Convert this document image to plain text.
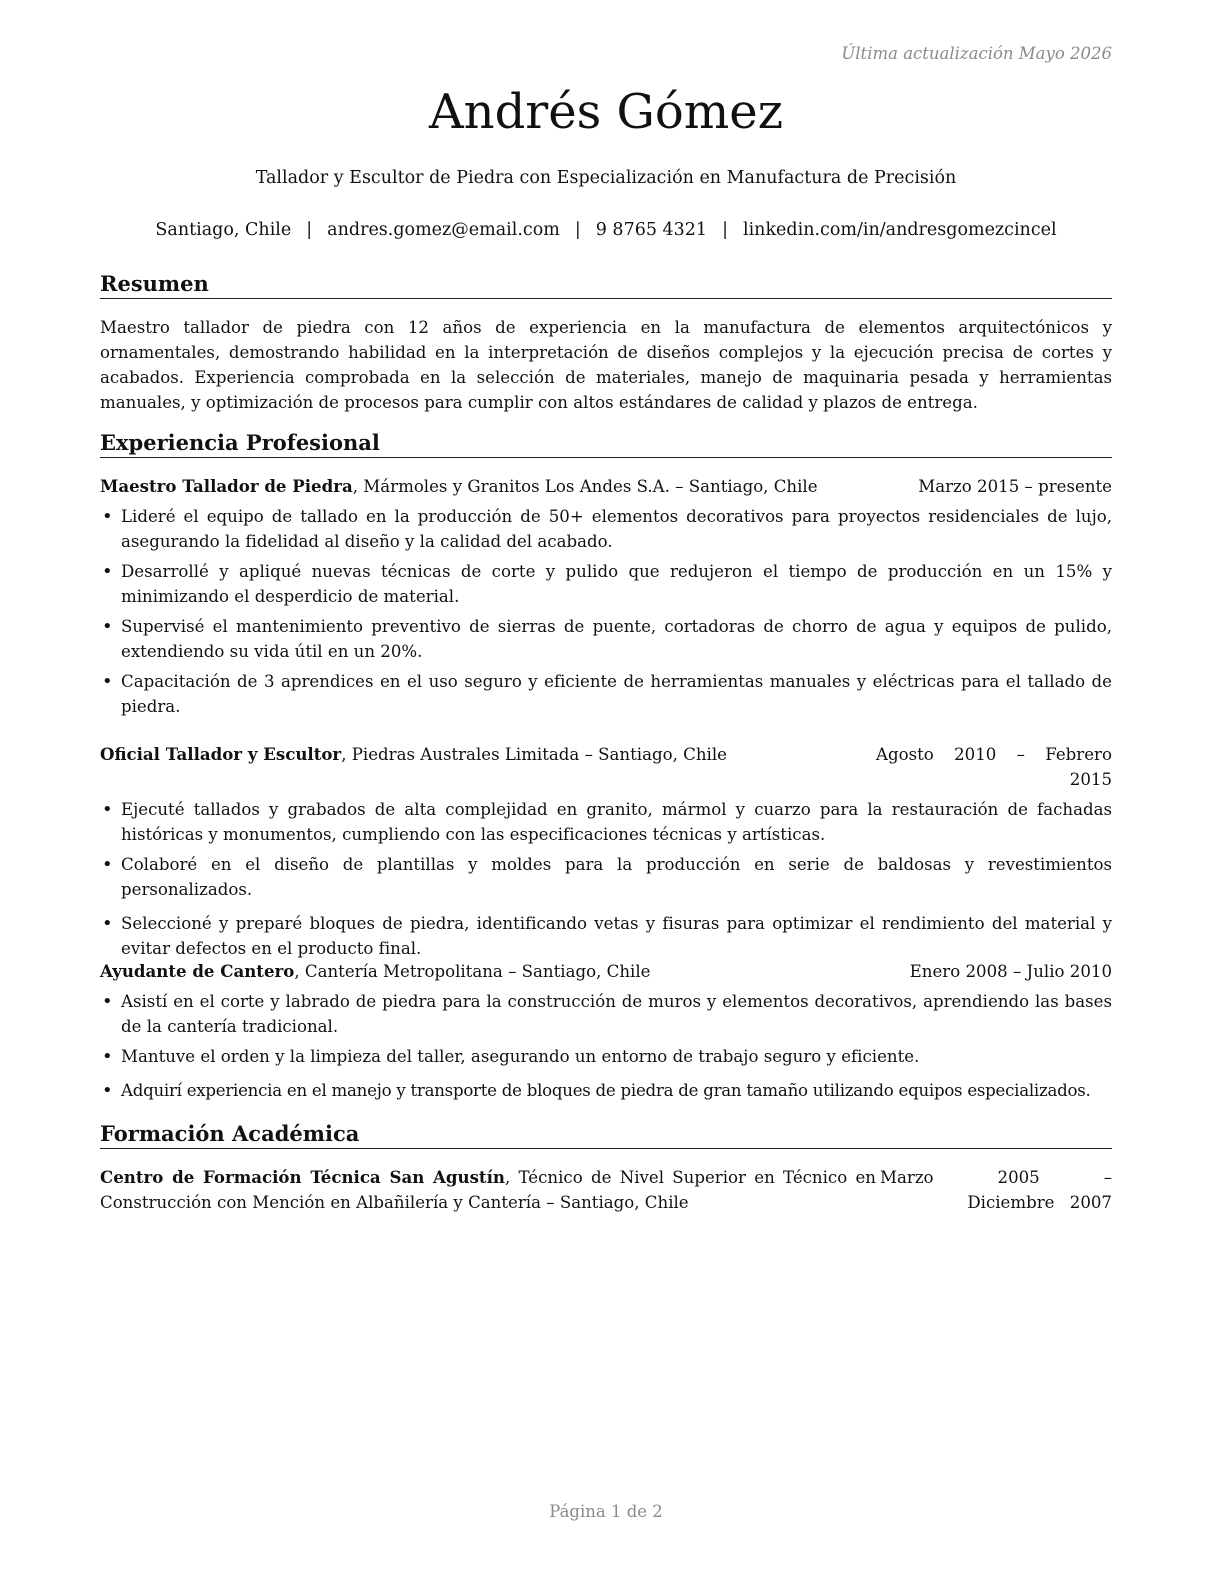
Última actualización Mayo 2026
Andrés Gómez
Tallador y Escultor de Piedra con Especialización en Manufactura de Precisión
Santiago, Chile | andres.gomez@email.com | 9 8765 4321 | linkedin.com/in/andresgomezcincel
Resumen
Maestro tallador de piedra con 12 años de experiencia en la manufactura de elementos arquitectónicos y ornamentales, demostrando habilidad en la interpretación de diseños complejos y la ejecución precisa de cortes y acabados. Experiencia comprobada en la selección de materiales, manejo de maquinaria pesada y herramientas manuales, y optimización de procesos para cumplir con altos estándares de calidad y plazos de entrega.
Experiencia Profesional
Maestro Tallador de Piedra, Mármoles y Granitos Los Andes S.A. – Santiago, Chile	Marzo 2015 – presente
• Lideré el equipo de tallado en la producción de 50+ elementos decorativos para proyectos residenciales de lujo, asegurando la fidelidad al diseño y la calidad del acabado.
• Desarrollé y apliqué nuevas técnicas de corte y pulido que redujeron el tiempo de producción en un 15% y minimizando el desperdicio de material.
• Supervisé el mantenimiento preventivo de sierras de puente, cortadoras de chorro de agua y equipos de pulido, extendiendo su vida útil en un 20%.
• Capacitación de 3 aprendices en el uso seguro y eficiente de herramientas manuales y eléctricas para el tallado de piedra.
Oficial Tallador y Escultor, Piedras Australes Limitada – Santiago, Chile	Agosto 2010 – Febrero 2015
• Ejecuté tallados y grabados de alta complejidad en granito, mármol y cuarzo para la restauración de fachadas históricas y monumentos, cumpliendo con las especificaciones técnicas y artísticas.
• Colaboré en el diseño de plantillas y moldes para la producción en serie de baldosas y revestimientos personalizados.
• Seleccioné y preparé bloques de piedra, identificando vetas y fisuras para optimizar el rendimiento del material y evitar defectos en el producto final.
Ayudante de Cantero, Cantería Metropolitana – Santiago, Chile	Enero 2008 – Julio 2010
• Asistí en el corte y labrado de piedra para la construcción de muros y elementos decorativos, aprendiendo las bases de la cantería tradicional.
• Mantuve el orden y la limpieza del taller, asegurando un entorno de trabajo seguro y eficiente.
• Adquirí experiencia en el manejo y transporte de bloques de piedra de gran tamaño utilizando equipos especializados.
Formación Académica
Centro de Formación Técnica San Agustín, Técnico de Nivel Superior en Técnico en Construcción con Mención en Albañilería y Cantería – Santiago, Chile
Marzo 2005 – Diciembre 2007
Página 1 de 2
